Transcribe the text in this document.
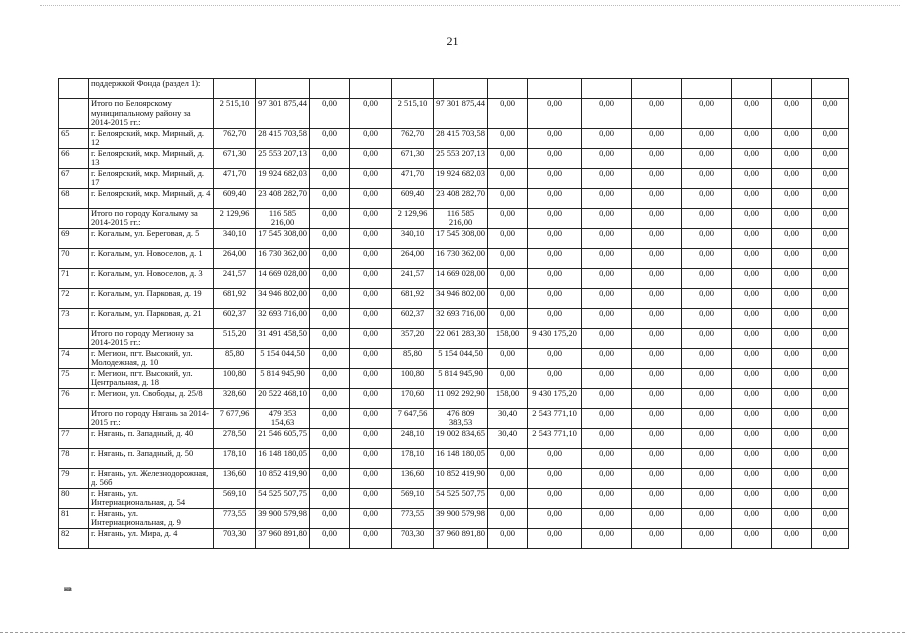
21
	поддержкой Фонда (раздел 1):														
	Итого по Белоярскому муниципальному району за 2014-2015 гг.:	2 515,10	97 301 875,44	0,00	0,00	2 515,10	97 301 875,44	0,00	0,00	0,00	0,00	0,00	0,00	0,00	0,00
65	г. Белоярский, мкр. Мирный, д. 12	762,70	28 415 703,58	0,00	0,00	762,70	28 415 703,58	0,00	0,00	0,00	0,00	0,00	0,00	0,00	0,00
66	г. Белоярский, мкр. Мирный, д. 13	671,30	25 553 207,13	0,00	0,00	671,30	25 553 207,13	0,00	0,00	0,00	0,00	0,00	0,00	0,00	0,00
67	г. Белоярский, мкр. Мирный, д. 17	471,70	19 924 682,03	0,00	0,00	471,70	19 924 682,03	0,00	0,00	0,00	0,00	0,00	0,00	0,00	0,00
68	г. Белоярский, мкр. Мирный, д. 4	609,40	23 408 282,70	0,00	0,00	609,40	23 408 282,70	0,00	0,00	0,00	0,00	0,00	0,00	0,00	0,00
	Итого по городу Когалыму за 2014-2015 гг.:	2 129,96	116 585 216,00	0,00	0,00	2 129,96	116 585 216,00	0,00	0,00	0,00	0,00	0,00	0,00	0,00	0,00
69	г. Когалым, ул. Береговая, д. 5	340,10	17 545 308,00	0,00	0,00	340,10	17 545 308,00	0,00	0,00	0,00	0,00	0,00	0,00	0,00	0,00
70	г. Когалым, ул. Новоселов, д. 1	264,00	16 730 362,00	0,00	0,00	264,00	16 730 362,00	0,00	0,00	0,00	0,00	0,00	0,00	0,00	0,00
71	г. Когалым, ул. Новоселов, д. 3	241,57	14 669 028,00	0,00	0,00	241,57	14 669 028,00	0,00	0,00	0,00	0,00	0,00	0,00	0,00	0,00
72	г. Когалым, ул. Парковая, д. 19	681,92	34 946 802,00	0,00	0,00	681,92	34 946 802,00	0,00	0,00	0,00	0,00	0,00	0,00	0,00	0,00
73	г. Когалым, ул. Парковая, д. 21	602,37	32 693 716,00	0,00	0,00	602,37	32 693 716,00	0,00	0,00	0,00	0,00	0,00	0,00	0,00	0,00
	Итого по городу Мегиону за 2014-2015 гг.:	515,20	31 491 458,50	0,00	0,00	357,20	22 061 283,30	158,00	9 430 175,20	0,00	0,00	0,00	0,00	0,00	0,00
74	г. Мегион, пгт. Высокий, ул. Молодежная, д. 10	85,80	5 154 044,50	0,00	0,00	85,80	5 154 044,50	0,00	0,00	0,00	0,00	0,00	0,00	0,00	0,00
75	г. Мегион, пгт. Высокий, ул. Центральная, д. 18	100,80	5 814 945,90	0,00	0,00	100,80	5 814 945,90	0,00	0,00	0,00	0,00	0,00	0,00	0,00	0,00
76	г. Мегион, ул. Свободы, д. 25/8	328,60	20 522 468,10	0,00	0,00	170,60	11 092 292,90	158,00	9 430 175,20	0,00	0,00	0,00	0,00	0,00	0,00
	Итого по городу Нягань за 2014-2015 гг.:	7 677,96	479 353 154,63	0,00	0,00	7 647,56	476 809 383,53	30,40	2 543 771,10	0,00	0,00	0,00	0,00	0,00	0,00
77	г. Нягань, п. Западный, д. 40	278,50	21 546 605,75	0,00	0,00	248,10	19 002 834,65	30,40	2 543 771,10	0,00	0,00	0,00	0,00	0,00	0,00
78	г. Нягань, п. Западный, д. 50	178,10	16 148 180,05	0,00	0,00	178,10	16 148 180,05	0,00	0,00	0,00	0,00	0,00	0,00	0,00	0,00
79	г. Нягань, ул. Железнодорожная, д. 56б	136,60	10 852 419,90	0,00	0,00	136,60	10 852 419,90	0,00	0,00	0,00	0,00	0,00	0,00	0,00	0,00
80	г. Нягань, ул. Интернациональная, д. 54	569,10	54 525 507,75	0,00	0,00	569,10	54 525 507,75	0,00	0,00	0,00	0,00	0,00	0,00	0,00	0,00
81	г. Нягань, ул. Интернациональная, д. 9	773,55	39 900 579,98	0,00	0,00	773,55	39 900 579,98	0,00	0,00	0,00	0,00	0,00	0,00	0,00	0,00
82	г. Нягань, ул. Мира, д. 4	703,30	37 960 891,80	0,00	0,00	703,30	37 960 891,80	0,00	0,00	0,00	0,00	0,00	0,00	0,00	0,00
нв
